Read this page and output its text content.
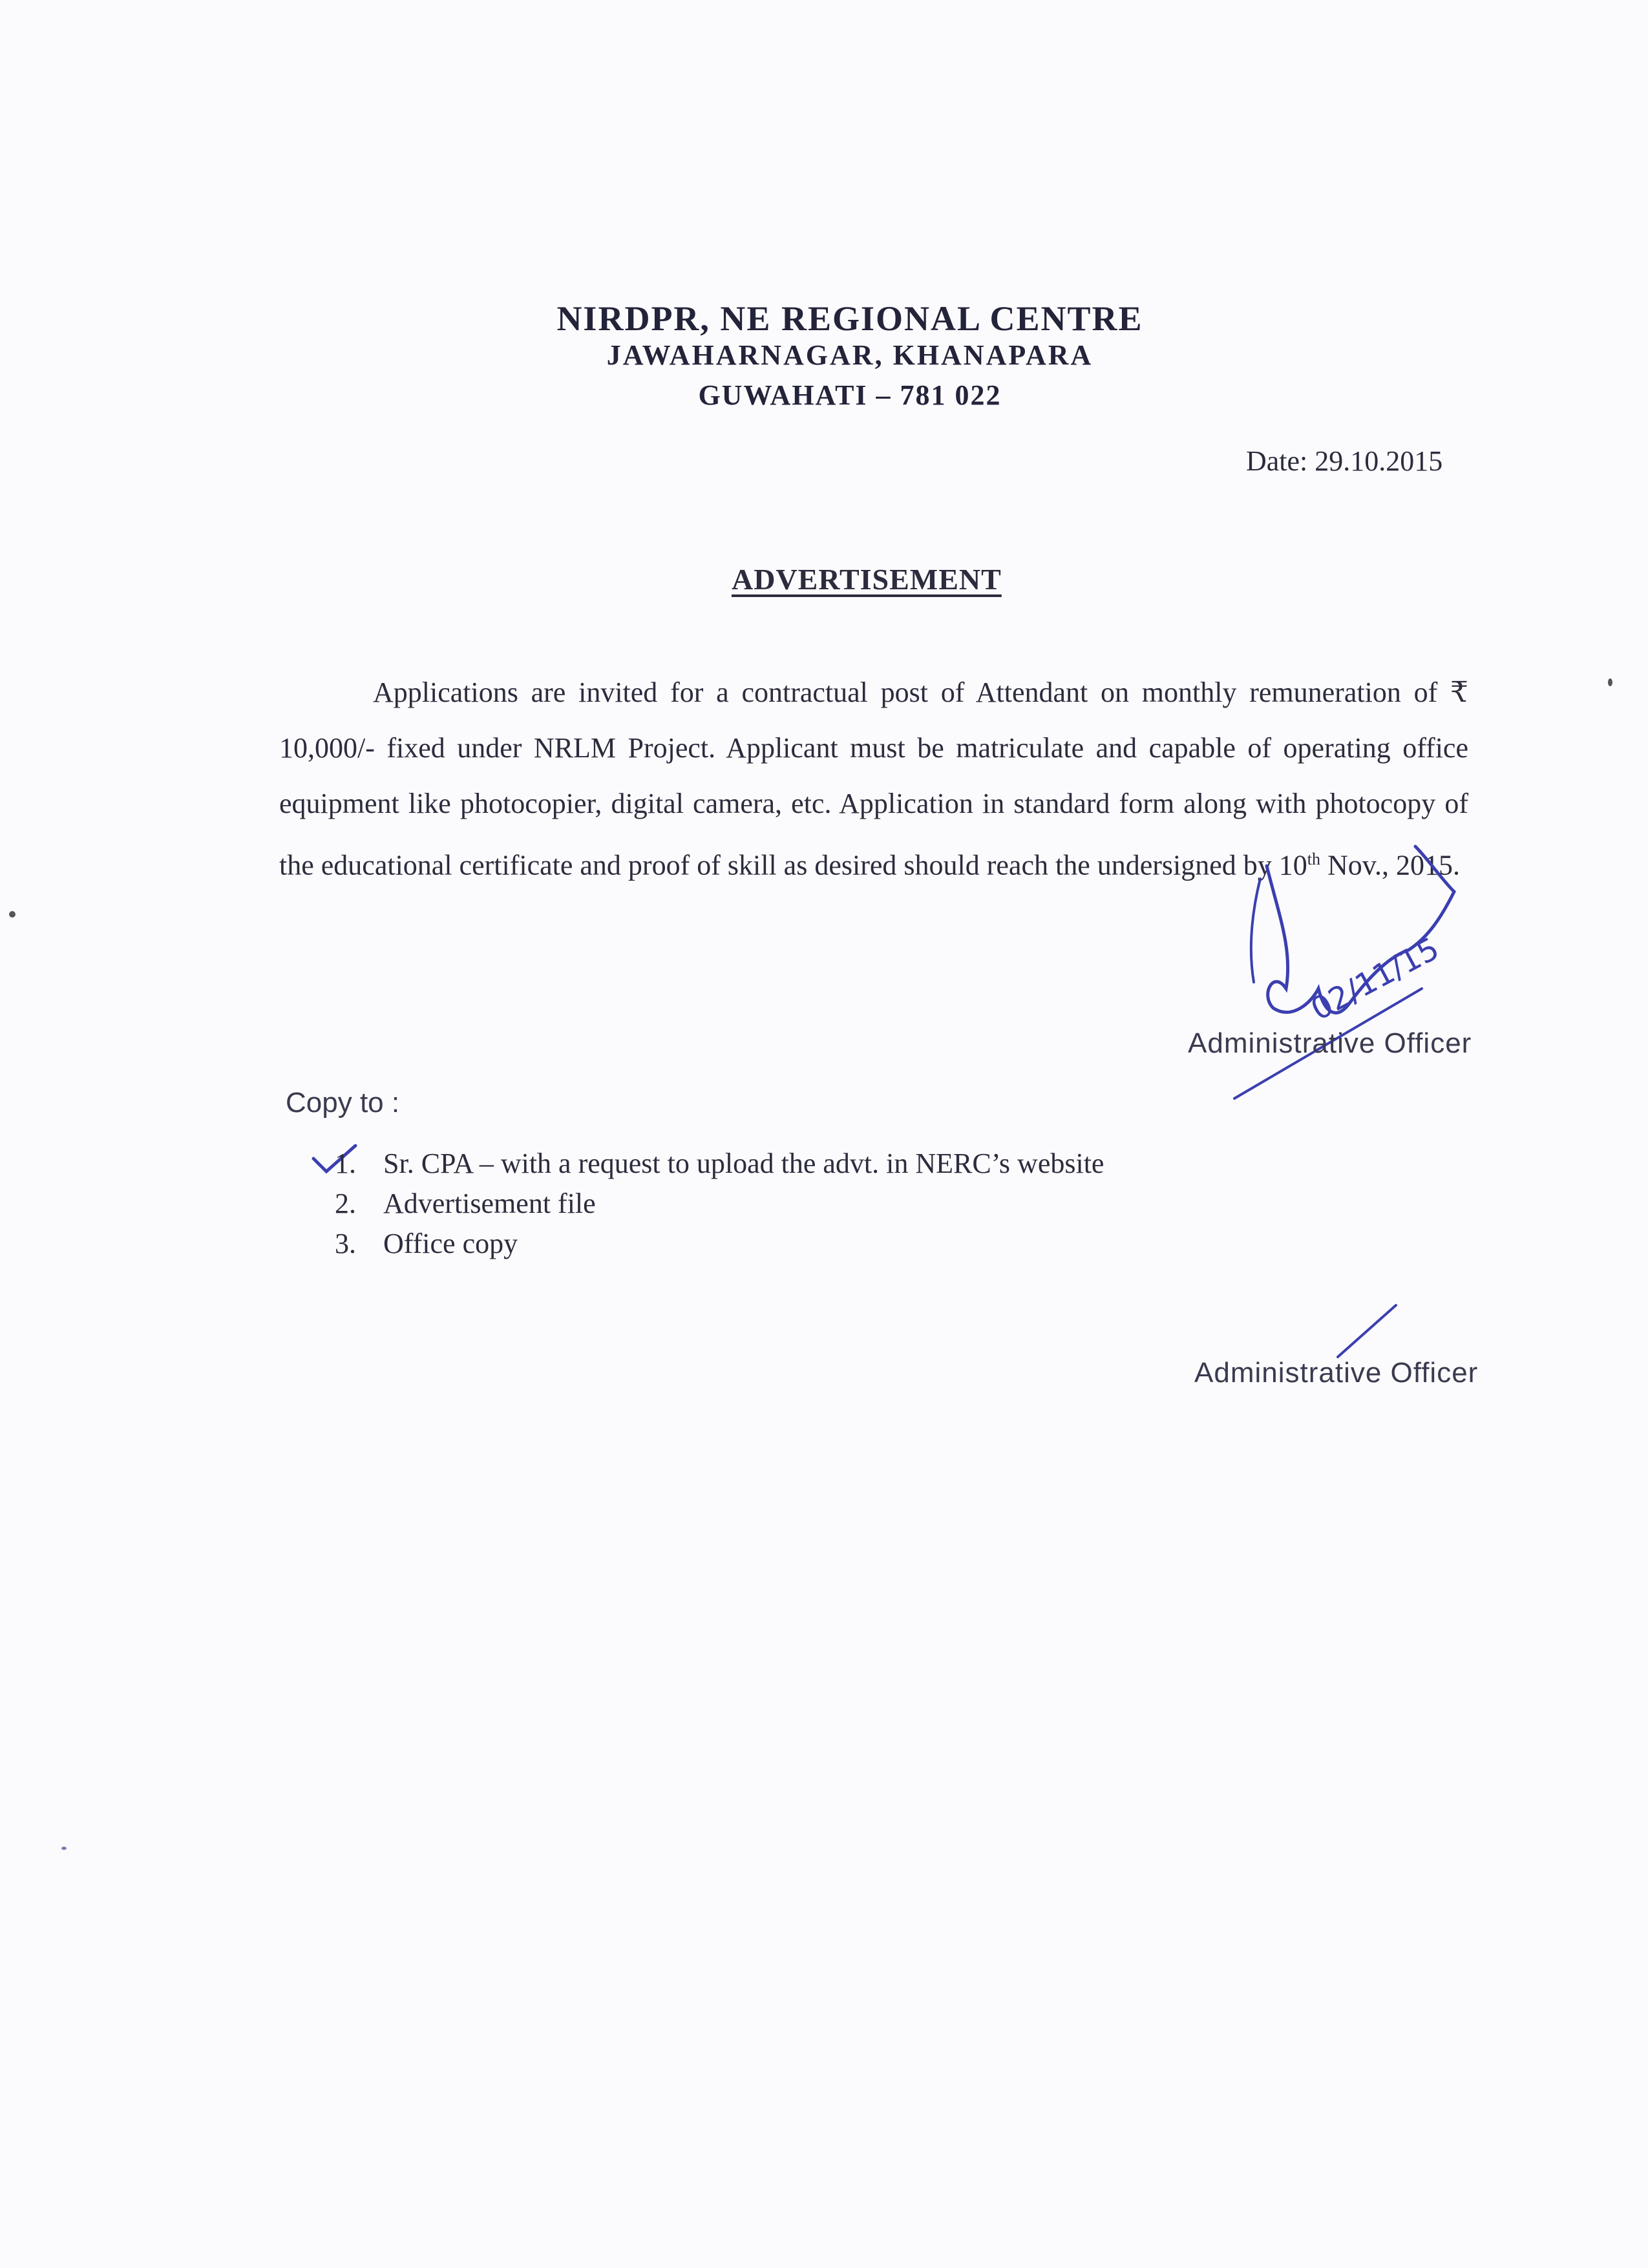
NIRDPR, NE REGIONAL CENTRE
JAWAHARNAGAR, KHANAPARA
GUWAHATI – 781 022
Date: 29.10.2015
ADVERTISEMENT

Applications are invited for a contractual post of Attendant on monthly remuneration of ₹ 10,000/- fixed under NRLM Project. Applicant must be matriculate and capable of operating office equipment like photocopier, digital camera, etc. Application in standard form along with photocopy of the educational certificate and proof of skill as desired should reach the undersigned by 10th Nov., 2015.

02/11/15
Administrative Officer
Copy to :
1. Sr. CPA – with a request to upload the advt. in NERC’s website
2. Advertisement file
3. Office copy
Administrative Officer
